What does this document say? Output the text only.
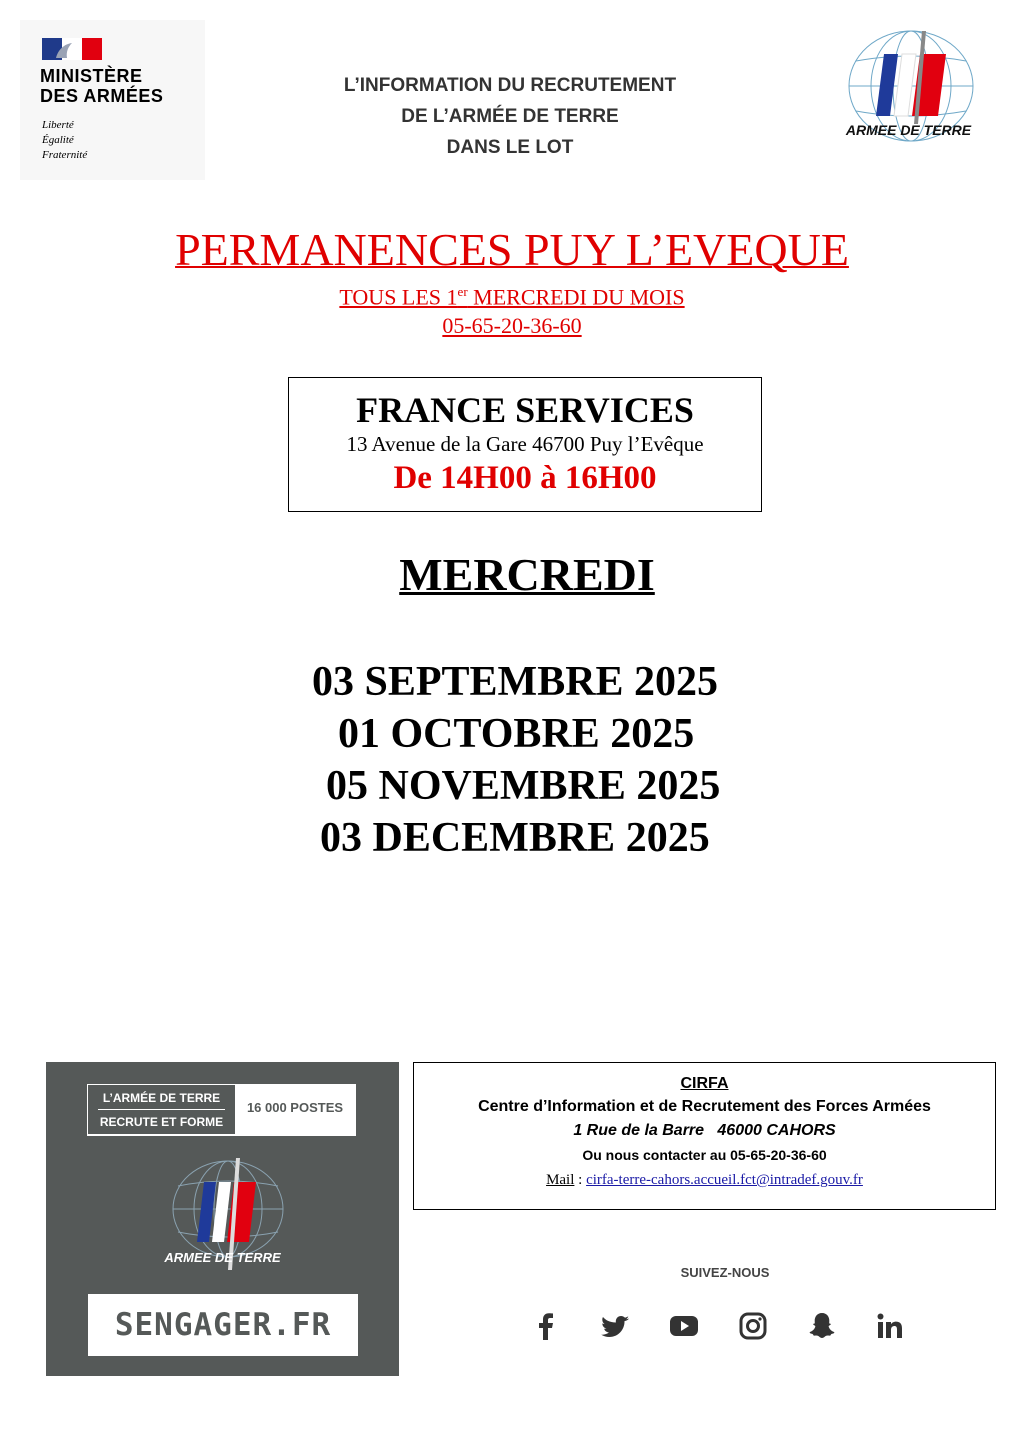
MINISTÈRE
DES ARMÉES
Liberté
Égalité
Fraternité
L’INFORMATION DU RECRUTEMENT
DE L’ARMÉE DE TERRE
DANS LE LOT
ARMEE DE TERRE
PERMANENCES PUY L’EVEQUE
TOUS LES 1er MERCREDI DU MOIS
05-65-20-36-60
FRANCE SERVICES
13 Avenue de la Gare 46700 Puy l’Evêque
De 14H00 à 16H00
MERCREDI
03 SEPTEMBRE 2025
01 OCTOBRE 2025
05 NOVEMBRE 2025
03 DECEMBRE 2025
L’ARMÉE DE TERRE
RECRUTE ET FORME
16 000 POSTES
ARMEE DE TERRE
SENGAGER.FR
CIRFA
Centre d’Information et de Recrutement des Forces Armées
1 Rue de la Barre   46000 CAHORS
Ou nous contacter au 05-65-20-36-60
Mail : cirfa-terre-cahors.accueil.fct@intradef.gouv.fr
SUIVEZ-NOUS
